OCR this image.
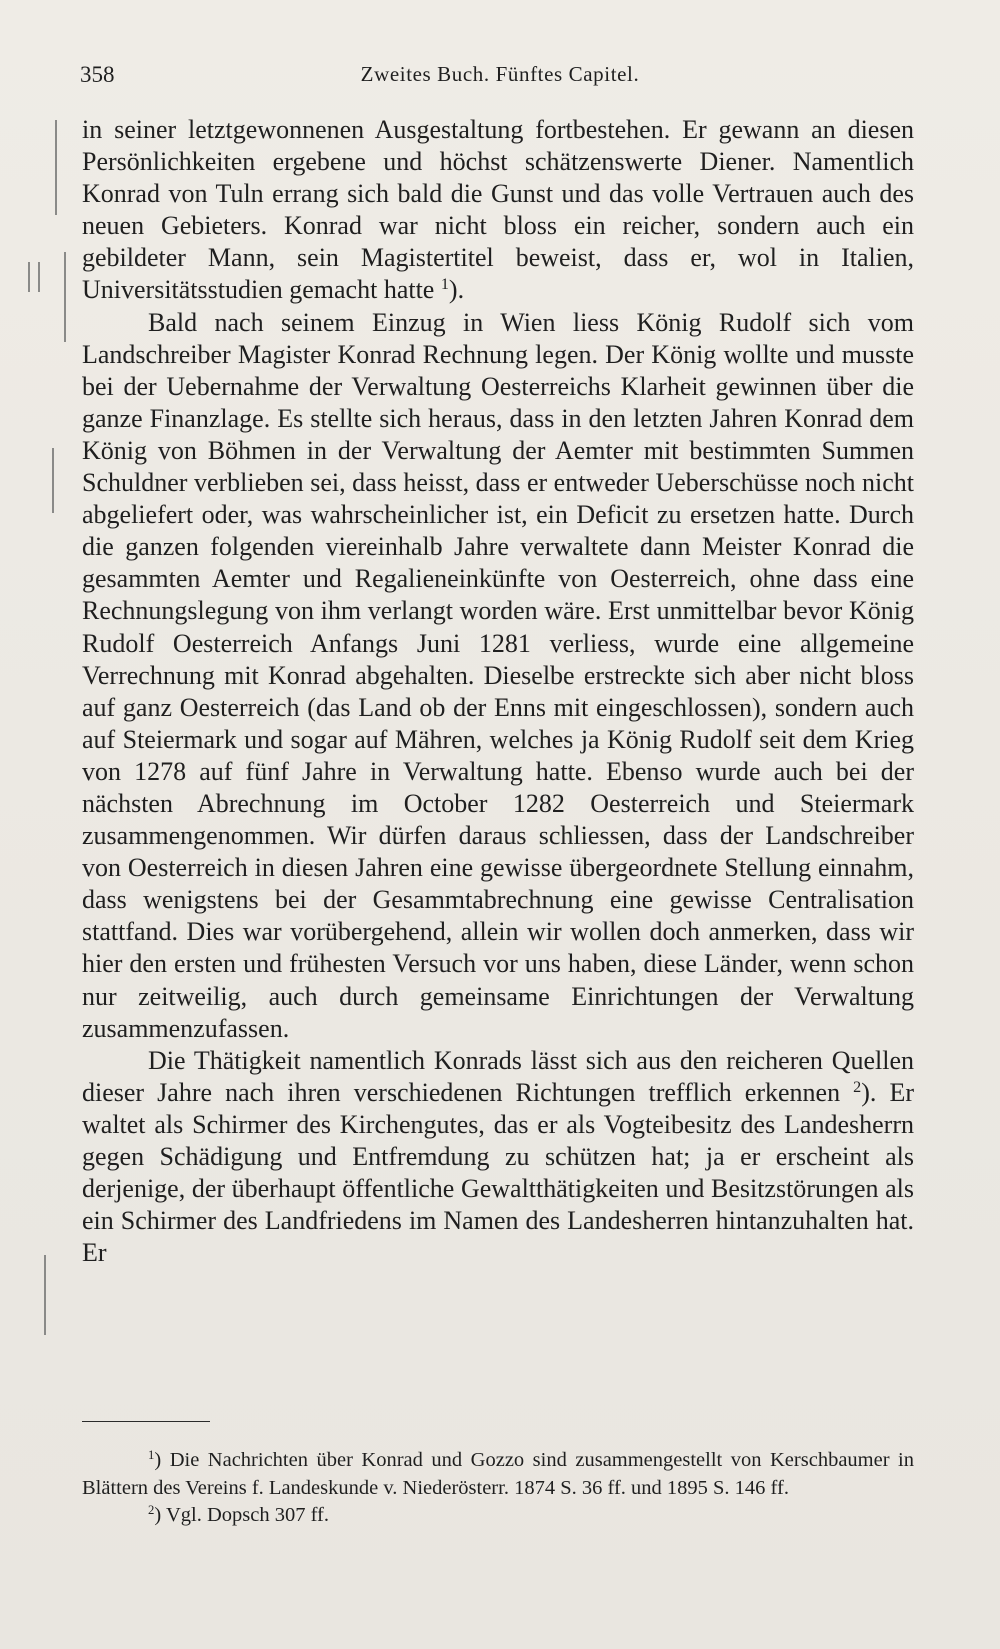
358	Zweites Buch. Fünftes Capitel.

in seiner letztgewonnenen Ausgestaltung fortbestehen. Er gewann an diesen Persönlichkeiten ergebene und höchst schätzenswerte Diener. Namentlich Konrad von Tuln errang sich bald die Gunst und das volle Vertrauen auch des neuen Gebieters. Konrad war nicht bloss ein reicher, sondern auch ein gebildeter Mann, sein Magistertitel beweist, dass er, wol in Italien, Universitätsstudien gemacht hatte $^1$).

Bald nach seinem Einzug in Wien liess König Rudolf sich vom Landschreiber Magister Konrad Rechnung legen. Der König wollte und musste bei der Uebernahme der Verwaltung Oesterreichs Klarheit gewinnen über die ganze Finanzlage. Es stellte sich heraus, dass in den letzten Jahren Konrad dem König von Böhmen in der Verwaltung der Aemter mit bestimmten Summen Schuldner verblieben sei, dass heisst, dass er entweder Ueberschüsse noch nicht abgeliefert oder, was wahrscheinlicher ist, ein Deficit zu ersetzen hatte. Durch die ganzen folgenden viereinhalb Jahre verwaltete dann Meister Konrad die gesammten Aemter und Regalieneinkünfte von Oesterreich, ohne dass eine Rechnungslegung von ihm verlangt worden wäre. Erst unmittelbar bevor König Rudolf Oesterreich Anfangs Juni 1281 verliess, wurde eine allgemeine Verrechnung mit Konrad abgehalten. Dieselbe erstreckte sich aber nicht bloss auf ganz Oesterreich (das Land ob der Enns mit eingeschlossen), sondern auch auf Steiermark und sogar auf Mähren, welches ja König Rudolf seit dem Krieg von 1278 auf fünf Jahre in Verwaltung hatte. Ebenso wurde auch bei der nächsten Abrechnung im October 1282 Oesterreich und Steiermark zusammengenommen. Wir dürfen daraus schliessen, dass der Landschreiber von Oesterreich in diesen Jahren eine gewisse übergeordnete Stellung einnahm, dass wenigstens bei der Gesammtabrechnung eine gewisse Centralisation stattfand. Dies war vorübergehend, allein wir wollen doch anmerken, dass wir hier den ersten und frühesten Versuch vor uns haben, diese Länder, wenn schon nur zeitweilig, auch durch gemeinsame Einrichtungen der Verwaltung zusammenzufassen.

Die Thätigkeit namentlich Konrads lässt sich aus den reicheren Quellen dieser Jahre nach ihren verschiedenen Richtungen trefflich erkennen $^2$). Er waltet als Schirmer des Kirchengutes, das er als Vogteibesitz des Landesherrn gegen Schädigung und Entfremdung zu schützen hat; ja er erscheint als derjenige, der überhaupt öffentliche Gewaltthätigkeiten und Besitzstörungen als ein Schirmer des Landfriedens im Namen des Landesherren hintanzuhalten hat. Er

$^1$) Die Nachrichten über Konrad und Gozzo sind zusammengestellt von Kerschbaumer in Blättern des Vereins f. Landeskunde v. Niederösterr. 1874 S. 36 ff. und 1895 S. 146 ff.

$^2$) Vgl. Dopsch 307 ff.
